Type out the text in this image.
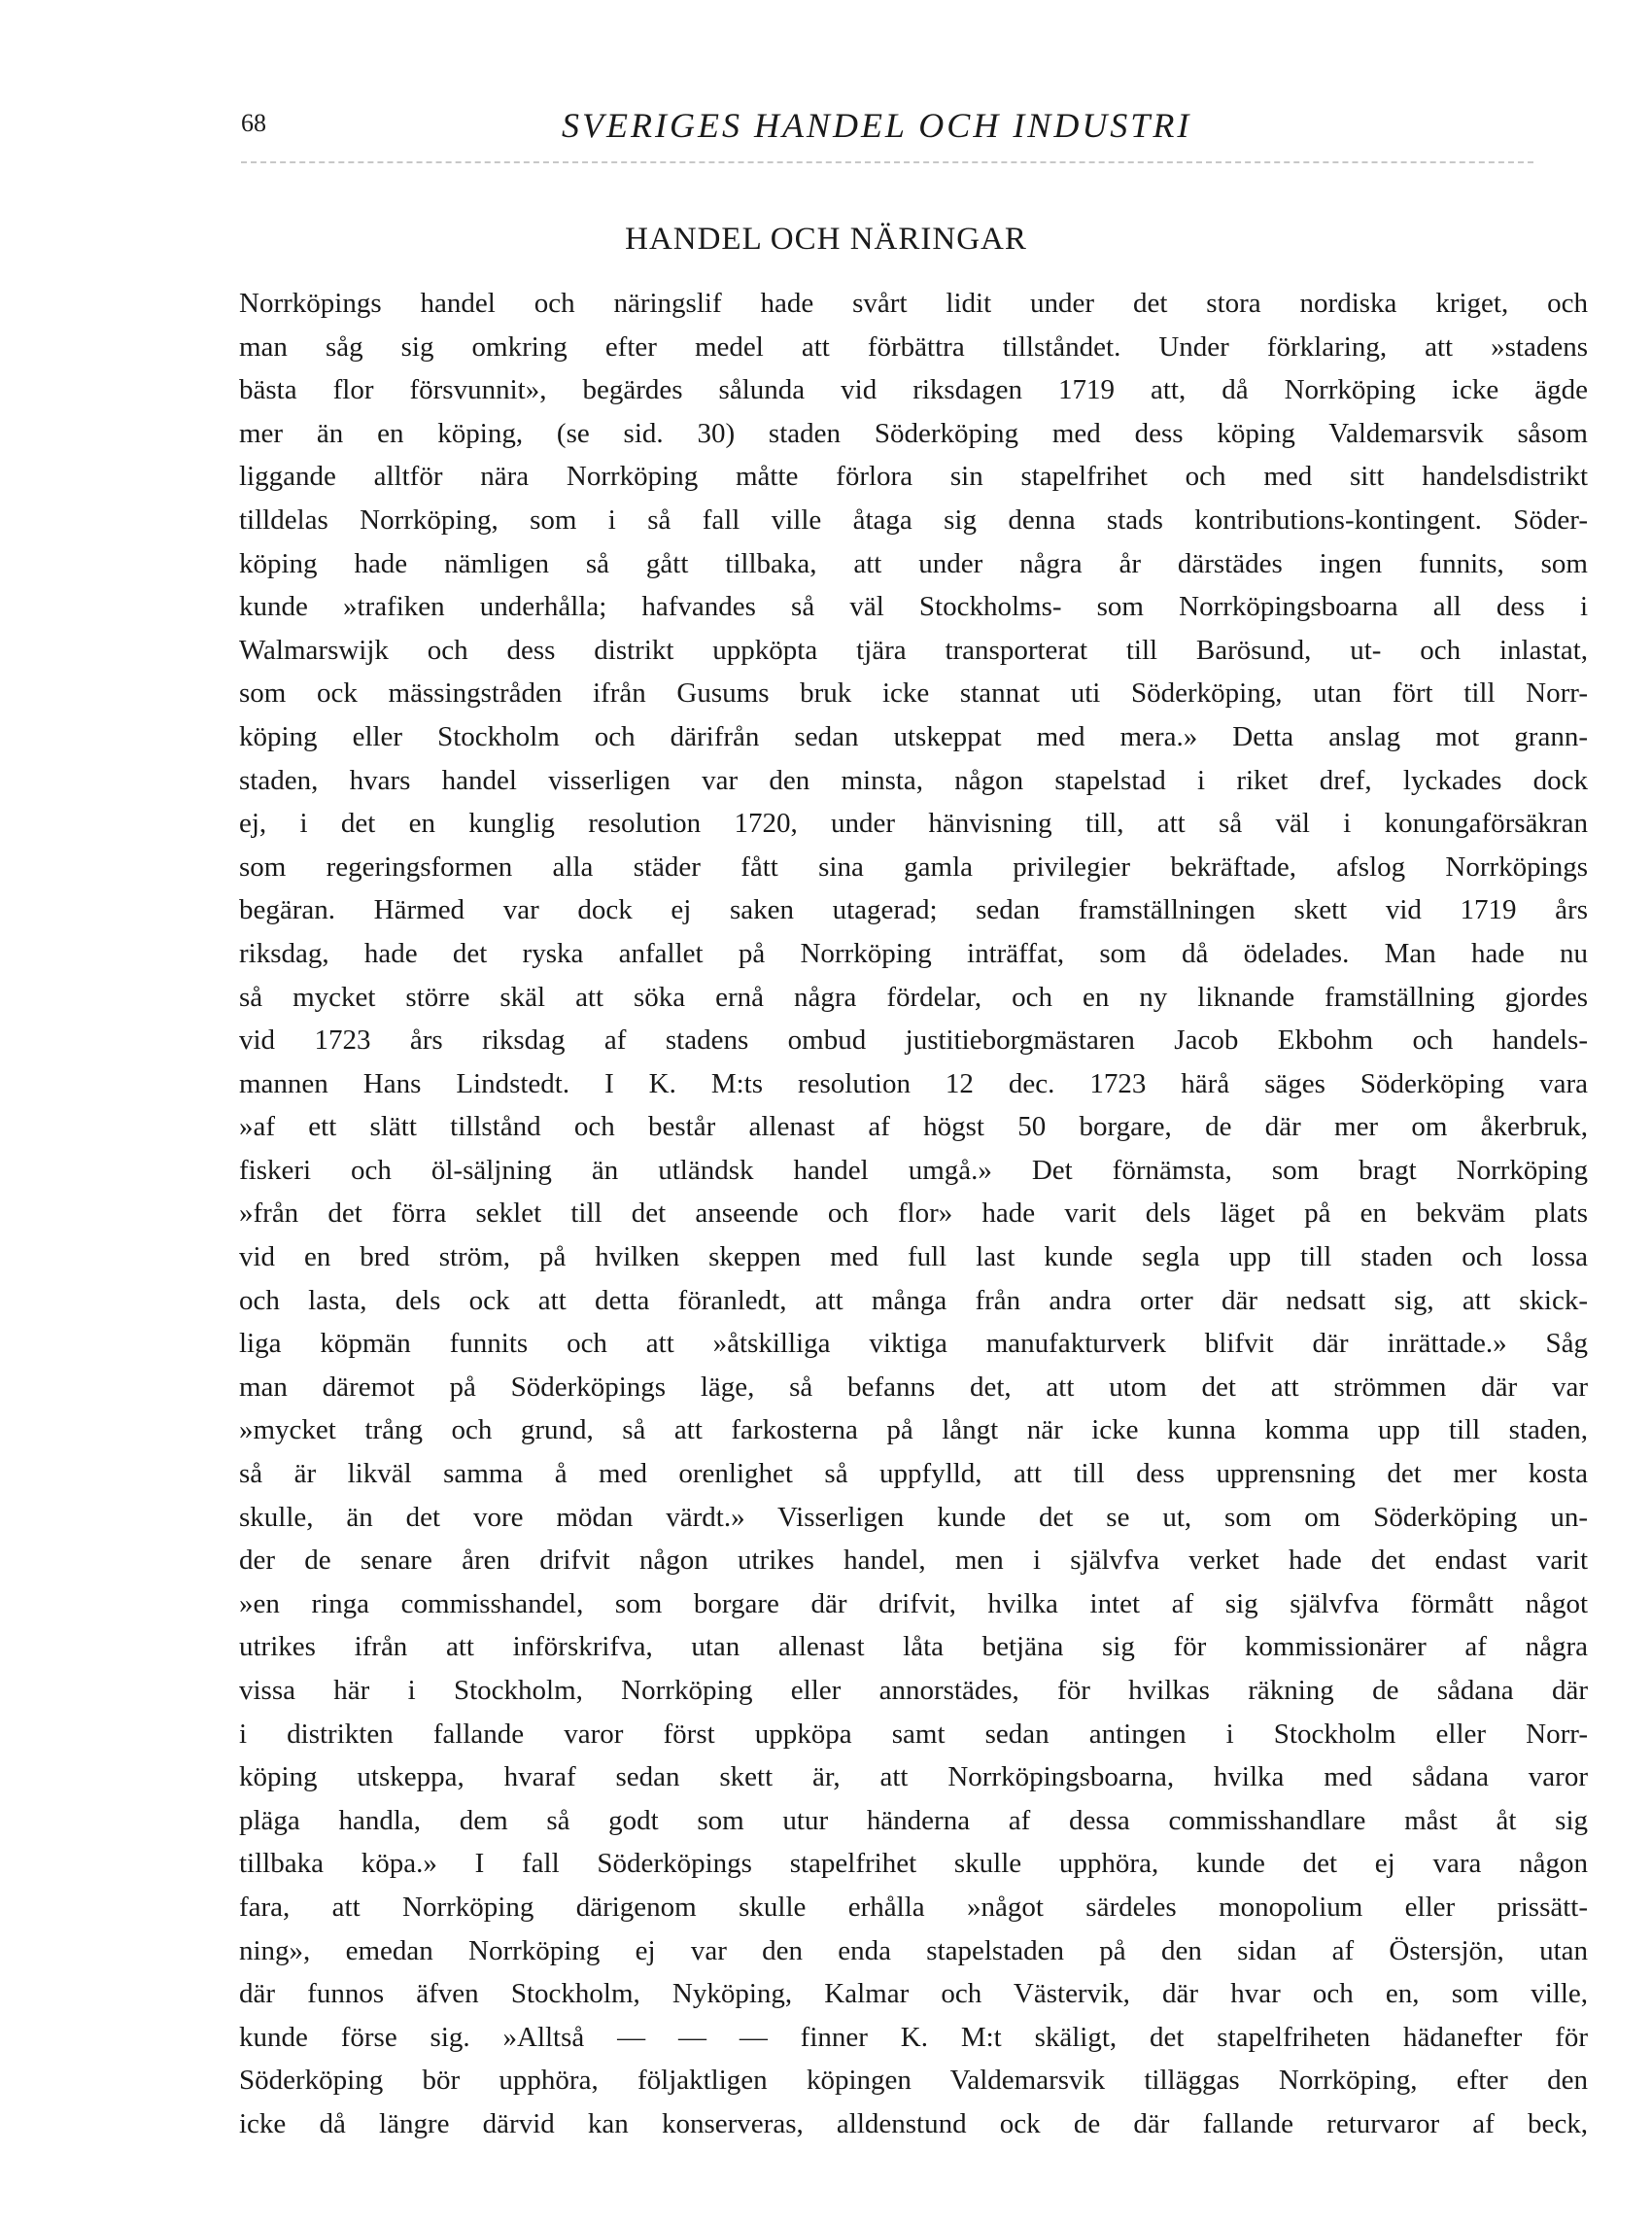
68	SVERIGES HANDEL OCH INDUSTRI
HANDEL OCH NÄRINGAR
Norrköpings handel och näringslif hade svårt lidit under det stora nordiska kriget, och
man såg sig omkring efter medel att förbättra tillståndet. Under förklaring, att »stadens
bästa flor försvunnit», begärdes sålunda vid riksdagen 1719 att, då Norrköping icke ägde
mer än en köping, (se sid. 30) staden Söderköping med dess köping Valdemarsvik såsom
liggande alltför nära Norrköping måtte förlora sin stapelfrihet och med sitt handelsdistrikt
tilldelas Norrköping, som i så fall ville åtaga sig denna stads kontributions-kontingent. Söder-
köping hade nämligen så gått tillbaka, att under några år därstädes ingen funnits, som
kunde »trafiken underhålla; hafvandes så väl Stockholms- som Norrköpingsboarna all dess i
Walmarswijk och dess distrikt uppköpta tjära transporterat till Barösund, ut- och inlastat,
som ock mässingstråden ifrån Gusums bruk icke stannat uti Söderköping, utan fört till Norr-
köping eller Stockholm och därifrån sedan utskeppat med mera.» Detta anslag mot grann-
staden, hvars handel visserligen var den minsta, någon stapelstad i riket dref, lyckades dock
ej, i det en kunglig resolution 1720, under hänvisning till, att så väl i konungaförsäkran
som regeringsformen alla städer fått sina gamla privilegier bekräftade, afslog Norrköpings
begäran. Härmed var dock ej saken utagerad; sedan framställningen skett vid 1719 års
riksdag, hade det ryska anfallet på Norrköping inträffat, som då ödelades. Man hade nu
så mycket större skäl att söka ernå några fördelar, och en ny liknande framställning gjordes
vid 1723 års riksdag af stadens ombud justitieborgmästaren Jacob Ekbohm och handels-
mannen Hans Lindstedt. I K. M:ts resolution 12 dec. 1723 härå säges Söderköping vara
»af ett slätt tillstånd och består allenast af högst 50 borgare, de där mer om åkerbruk,
fiskeri och öl-säljning än utländsk handel umgå.» Det förnämsta, som bragt Norrköping
»från det förra seklet till det anseende och flor» hade varit dels läget på en bekväm plats
vid en bred ström, på hvilken skeppen med full last kunde segla upp till staden och lossa
och lasta, dels ock att detta föranledt, att många från andra orter där nedsatt sig, att skick-
liga köpmän funnits och att »åtskilliga viktiga manufakturverk blifvit där inrättade.» Såg
man däremot på Söderköpings läge, så befanns det, att utom det att strömmen där var
»mycket trång och grund, så att farkosterna på långt när icke kunna komma upp till staden,
så är likväl samma å med orenlighet så uppfylld, att till dess upprensning det mer kosta
skulle, än det vore mödan värdt.» Visserligen kunde det se ut, som om Söderköping un-
der de senare åren drifvit någon utrikes handel, men i självfva verket hade det endast varit
»en ringa commisshandel, som borgare där drifvit, hvilka intet af sig självfva förmått något
utrikes ifrån att införskrifva, utan allenast låta betjäna sig för kommissionärer af några
vissa här i Stockholm, Norrköping eller annorstädes, för hvilkas räkning de sådana där
i distrikten fallande varor först uppköpa samt sedan antingen i Stockholm eller Norr-
köping utskeppa, hvaraf sedan skett är, att Norrköpingsboarna, hvilka med sådana varor
pläga handla, dem så godt som utur händerna af dessa commisshandlare måst åt sig
tillbaka köpa.» I fall Söderköpings stapelfrihet skulle upphöra, kunde det ej vara någon
fara, att Norrköping därigenom skulle erhålla »något särdeles monopolium eller prissätt-
ning», emedan Norrköping ej var den enda stapelstaden på den sidan af Östersjön, utan
där funnos äfven Stockholm, Nyköping, Kalmar och Västervik, där hvar och en, som ville,
kunde förse sig. »Alltså — — — finner K. M:t skäligt, det stapelfriheten hädanefter för
Söderköping bör upphöra, följaktligen köpingen Valdemarsvik tilläggas Norrköping, efter den
icke då längre därvid kan konserveras, alldenstund ock de där fallande returvaror af beck,
